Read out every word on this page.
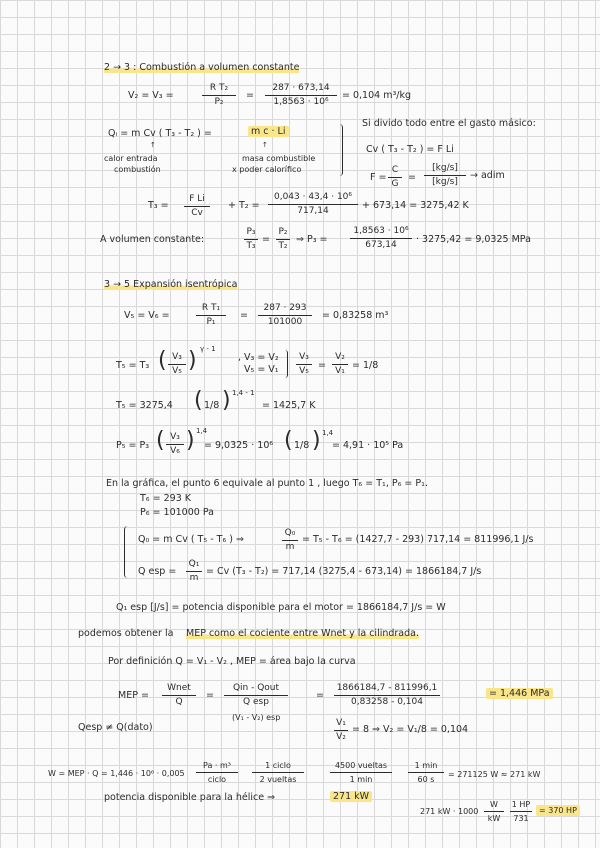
2 → 3 : Combustión a volumen constante
V₂ = V₃ =
R T₂
P₂
=
287 · 673,14
1,8563 · 10⁶
= 0,104 m³/kg
Qᵢ = m Cv ( T₃ - T₂ ) =	m c · Li
↑	↑
calor entrada
combustión
masa combustible
x poder calorífico
Si divido todo entre el gasto másico:
Cv ( T₃ - T₂ ) = F Li
F =
C
G
=
[kg/s]
[kg/s]
→ adim
T₃ =
F Li
Cv
+ T₂ =
0,043 · 43,4 · 10⁶
717,14	+ 673,14 = 3275,42 K
A volumen constante:
P₃
T₃
=
P₂
T₂
⇒ P₃ =
1,8563 · 10⁶
673,14 · 3275,42 = 9,0325 MPa
3 → 5 Expansión isentrópica
V₅ = V₆ =
R T₁
P₁
=
287 · 293
101000
= 0,83258 m³
T₅ = T₃ ( V₃
V₅ ) γ - 1
, V₃ = V₂
V₅ = V₁
V₃
V₅ =
V₂
V₁ = 1/8
T₅ = 3275,4 ( 1/8 ) 1,4 - 1
= 1425,7 K
P₅ = P₃ ( V₃
V₆ ) 1,4
= 9,0325 · 10⁶ ( 1/8 ) 1,4
= 4,91 · 10⁵ Pa
En la gráfica, el punto 6 equivale al punto 1 , luego T₆ = T₁, P₆ = P₁.
T₆ = 293 K
P₆ = 101000 Pa
Q₀ = m Cv ( T₅ - T₆ ) ⇒
Q₀
m
= T₅ - T₆ = (1427,7 - 293) 717,14 = 811996,1 J/s
Q esp =
Q₁
m
= Cv (T₃ - T₂) = 717,14 (3275,4 - 673,14) = 1866184,7 J/s
Q₁ esp [J/s] = potencia disponible para el motor = 1866184,7 J/s = W
podemos obtener la MEP como el cociente entre Wnet y la cilindrada.
Por definición Q = V₁ - V₂ , MEP = área bajo la curva
MEP =
Wnet
Q
=
Qin - Qout
Q esp
(V₁ - V₂) esp
=
1866184,7 - 811996,1
0,83258 - 0,104
= 1,446 MPa
Qesp ≠ Q(dato)	V₁
V₂
= 8 ⇒ V₂ = V₁/8 = 0,104
W = MEP · Q = 1,446 · 10⁶ · 0,005
Pa · m³
ciclo
1 ciclo
2 vueltas
4500 vueltas
1 min
1 min
60 s
= 271125 W ≈ 271 kW
potencia disponible para la hélice ⇒	271 kW
271 kW · 1000
W
kW
1 HP
731
= 370 HP
